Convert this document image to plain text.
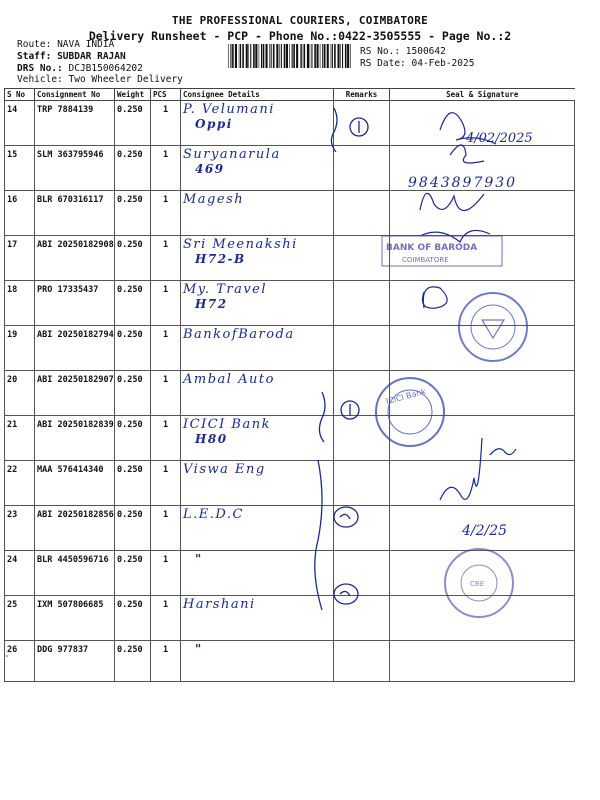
THE PROFESSIONAL COURIERS, COIMBATORE
Delivery Runsheet - PCP - Phone No.:0422-3505555 - Page No.:2
Route: NAVA INDIA
Staff: SUBDAR RAJAN
DRS No.: DCJB150064202
Vehicle: Two Wheeler Delivery
RS No.: 1500642
RS Date: 04-Feb-2025
S No	Consignment No	Weight	PCS	Consignee Details	Remarks	Seal & Signature
14	TRP 7884139	0.250	1	P. Velumani
Oppi		

15	SLM 363795946	0.250	1	Suryanarula
469		

16	BLR 670316117	0.250	1	Magesh		

17	ABI 20250182908	0.250	1	Sri Meenakshi
H72-B		

18	PRO 17335437	0.250	1	My. Travel
H72		

19	ABI 20250182794	0.250	1	BankofBaroda		

20	ABI 20250182907	0.250	1	Ambal Auto		

21	ABI 20250182839	0.250	1	ICICI Bank
H80		

22	MAA 576414340	0.250	1	Viswa Eng		

23	ABI 20250182856	0.250	1	L.E.D.C		

24	BLR 4450596716	0.250	1	"		

25	IXM 507806685	0.250	1	Harshani		

26	DDG 977837	0.250	1	"		

4/02/2025
9843897930
4/2/25
BANK OF BARODA
COIMBATORE
ICICI Bank
CBE
